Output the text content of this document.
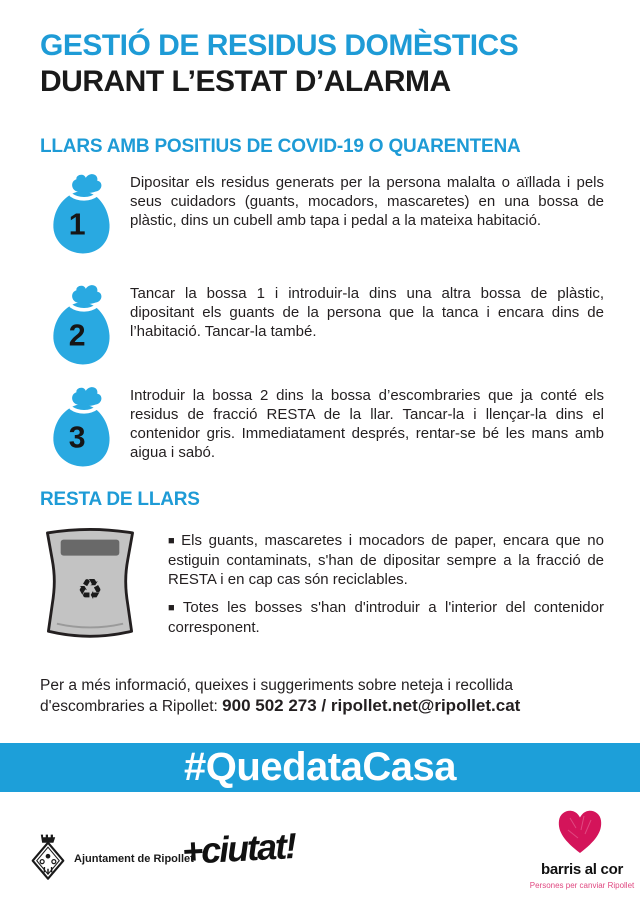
GESTIÓ DE RESIDUS DOMÈSTICS
DURANT L’ESTAT D’ALARMA
LLARS AMB POSITIUS DE COVID-19 O QUARENTENA
1
Dipositar els residus generats per la persona malalta o aïllada i pels seus cuidadors (guants, mocadors, mascaretes) en una bossa de plàstic, dins un cubell amb tapa i pedal a la mateixa habitació.
2
Tancar la bossa 1 i introduir-la dins una altra bossa de plàstic, dipositant els guants de la persona que la tanca i encara dins de l’habitació. Tancar-la també.
3
Introduir la bossa 2 dins la bossa d’escombraries que ja conté els residus de fracció RESTA de la llar. Tancar-la i llençar-la dins el contenidor gris. Immediatament després, rentar-se bé les mans amb aigua i sabó.
RESTA DE LLARS
♻

■ Els guants, mascaretes i mocadors de paper, encara que no estiguin contaminats, s'han de dipositar sempre a la fracció de RESTA i en cap cas són reciclables.

■ Totes les bosses s'han d'introduir a l'interior del contenidor corresponent.

Per a més informació, queixes i suggeriments sobre neteja i recollida d'escombraries a Ripollet: 900 502 273 / ripollet.net@ripollet.cat
#QuedataCasa
Ajuntament de Ripollet
+ciutat!	barris al cor
Persones per canviar Ripollet
